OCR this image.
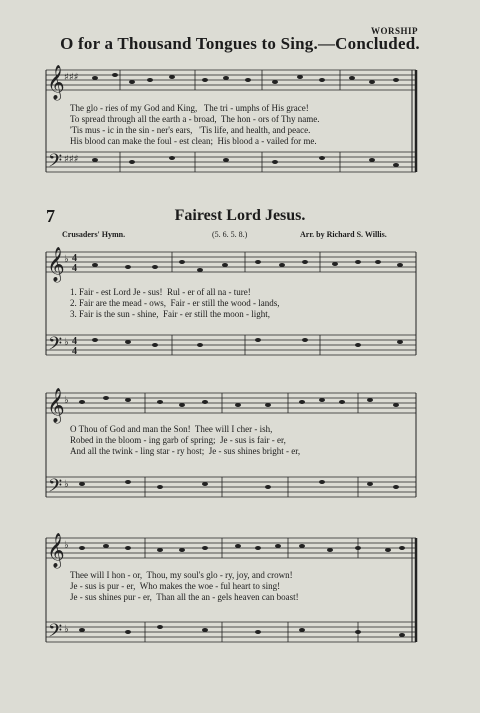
WORSHIP
O for a Thousand Tongues to Sing.—Concluded.
𝄞
𝄢
𝄞
𝄢
𝄞
𝄢
𝄞
𝄢
♯♯♯
♯♯♯
♭
♭
♭
♭
♭
♭
4
4
4
4
7	Fairest Lord Jesus.
Crusaders' Hymn.	(5. 6. 5. 8.)	Arr. by Richard S. Willis.
The glo - ries of my God and King,   The tri - umphs of His grace!
To spread through all the earth a - broad,  The hon - ors of Thy name.
'Tis mus - ic in the sin - ner's ears,   'Tis life, and health, and peace.
His blood can make the foul - est clean;  His blood a - vailed for me.
1. Fair - est Lord Je - sus!  Rul - er of all na - ture!
2. Fair are the mead - ows,  Fair - er still the wood - lands,
3. Fair is the sun - shine,  Fair - er still the moon - light,
O Thou of God and man the Son!  Thee will I cher - ish,
Robed in the bloom - ing garb of spring;  Je - sus is fair - er,
And all the twink - ling star - ry host;  Je - sus shines bright - er,
Thee will I hon - or,  Thou, my soul's glo - ry, joy, and crown!
Je - sus is pur - er,  Who makes the woe - ful heart to sing!
Je - sus shines pur - er,  Than all the an - gels heaven can boast!
